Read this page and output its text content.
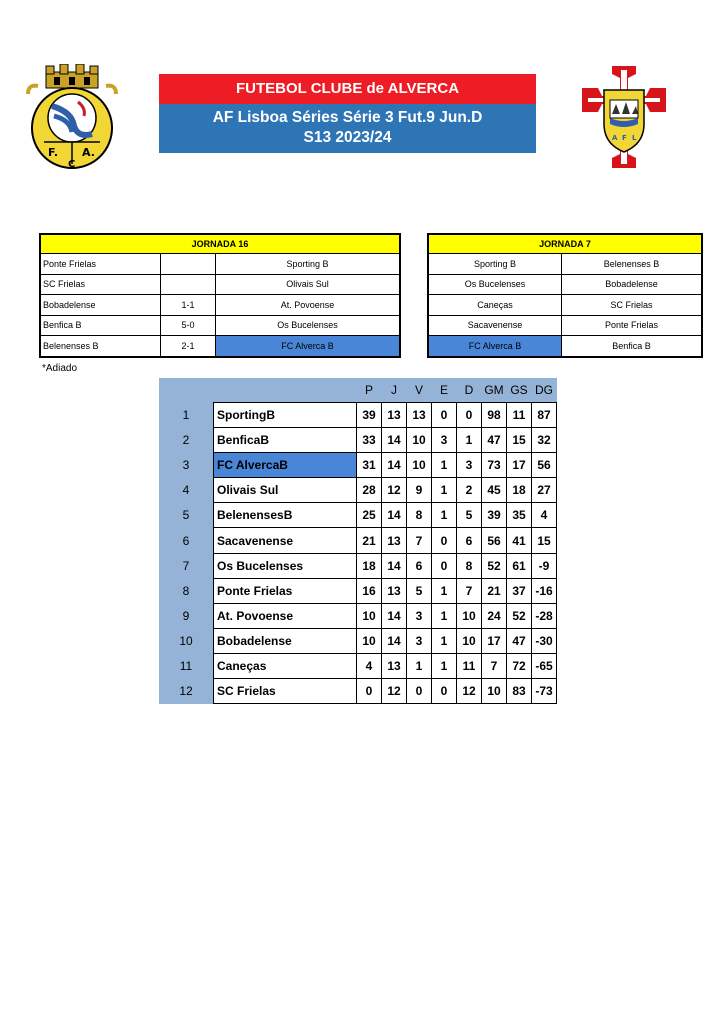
F. A.
C
FUTEBOL CLUBE de ALVERCA
AF Lisboa Séries Série 3 Fut.9 Jun.D
S13 2023/24	A F L
JORNADA 16		
Ponte Frielas		Sporting B
SC Frielas		Olivais Sul
Bobadelense	1-1	At. Povoense
Benfica B	5-0	Os Bucelenses
Belenenses B	2-1	FC Alverca B
JORNADA 7	
Sporting B	Belenenses B
Os Bucelenses	Bobadelense
Caneças	SC Frielas
Sacavenense	Ponte Frielas
FC Alverca B	Benfica B
*Adiado
		P	J	V	E	D	GM	GS	DG
1	SportingB	39	13	13	0	0	98	11	87
2	BenficaB	33	14	10	3	1	47	15	32
3	FC AlvercaB	31	14	10	1	3	73	17	56
4	Olivais Sul	28	12	9	1	2	45	18	27
5	BelenensesB	25	14	8	1	5	39	35	4
6	Sacavenense	21	13	7	0	6	56	41	15
7	Os Bucelenses	18	14	6	0	8	52	61	-9
8	Ponte Frielas	16	13	5	1	7	21	37	-16
9	At. Povoense	10	14	3	1	10	24	52	-28
10	Bobadelense	10	14	3	1	10	17	47	-30
11	Caneças	4	13	1	1	11	7	72	-65
12	SC Frielas	0	12	0	0	12	10	83	-73
